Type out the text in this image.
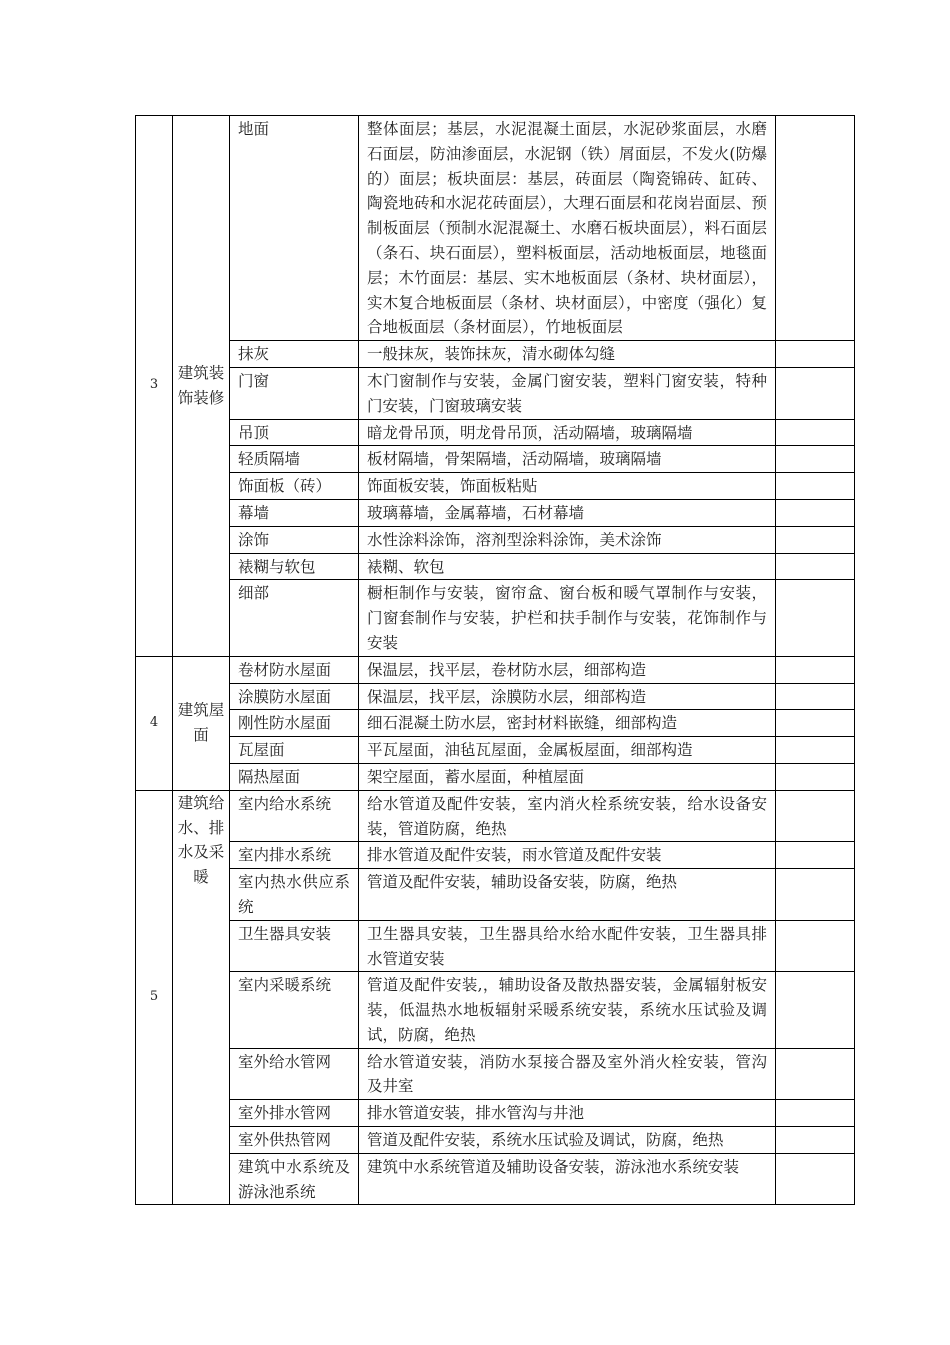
3	建筑装饰装修	地面	整体面层；基层，水泥混凝土面层，水泥砂浆面层，水磨石面层，防油渗面层，水泥钢（铁）屑面层，不发火(防爆的）面层；板块面层：基层，砖面层（陶瓷锦砖、缸砖、陶瓷地砖和水泥花砖面层），大理石面层和花岗岩面层、预制板面层（预制水泥混凝土、水磨石板块面层），料石面层（条石、块石面层），塑料板面层，活动地板面层，地毯面层；木竹面层：基层、实木地板面层（条材、块材面层），实木复合地板面层（条材、块材面层），中密度（强化）复合地板面层（条材面层），竹地板面层	
		抹灰	一般抹灰，装饰抹灰，清水砌体勾缝	
		门窗	木门窗制作与安装，金属门窗安装，塑料门窗安装，特种门安装，门窗玻璃安装	
		吊顶	暗龙骨吊顶，明龙骨吊顶，活动隔墙，玻璃隔墙	
		轻质隔墙	板材隔墙，骨架隔墙，活动隔墙，玻璃隔墙	
		饰面板（砖）	饰面板安装，饰面板粘贴	
		幕墙	玻璃幕墙，金属幕墙，石材幕墙	
		涂饰	水性涂料涂饰，溶剂型涂料涂饰，美术涂饰	
		裱糊与软包	裱糊、软包	
		细部	橱柜制作与安装，窗帘盒、窗台板和暖气罩制作与安装，门窗套制作与安装，护栏和扶手制作与安装，花饰制作与安装	
4	建筑屋面	卷材防水屋面	保温层，找平层，卷材防水层，细部构造	
		涂膜防水屋面	保温层，找平层，涂膜防水层，细部构造	
		刚性防水屋面	细石混凝土防水层，密封材料嵌缝，细部构造	
		瓦屋面	平瓦屋面，油毡瓦屋面，金属板屋面，细部构造	
		隔热屋面	架空屋面，蓄水屋面，种植屋面	
5	建筑给水、排水及采暖	室内给水系统	给水管道及配件安装，室内消火栓系统安装，给水设备安装，管道防腐，绝热	
		室内排水系统	排水管道及配件安装，雨水管道及配件安装	
		室内热水供应系统	管道及配件安装，辅助设备安装，防腐，绝热	
		卫生器具安装	卫生器具安装，卫生器具给水给水配件安装，卫生器具排水管道安装	
		室内采暖系统	管道及配件安装,，辅助设备及散热器安装，金属辐射板安装，低温热水地板辐射采暖系统安装，系统水压试验及调试，防腐，绝热	
		室外给水管网	给水管道安装，消防水泵接合器及室外消火栓安装，管沟及井室	
		室外排水管网	排水管道安装，排水管沟与井池	
		室外供热管网	管道及配件安装，系统水压试验及调试，防腐，绝热	
		建筑中水系统及游泳池系统	建筑中水系统管道及辅助设备安装，游泳池水系统安装	
